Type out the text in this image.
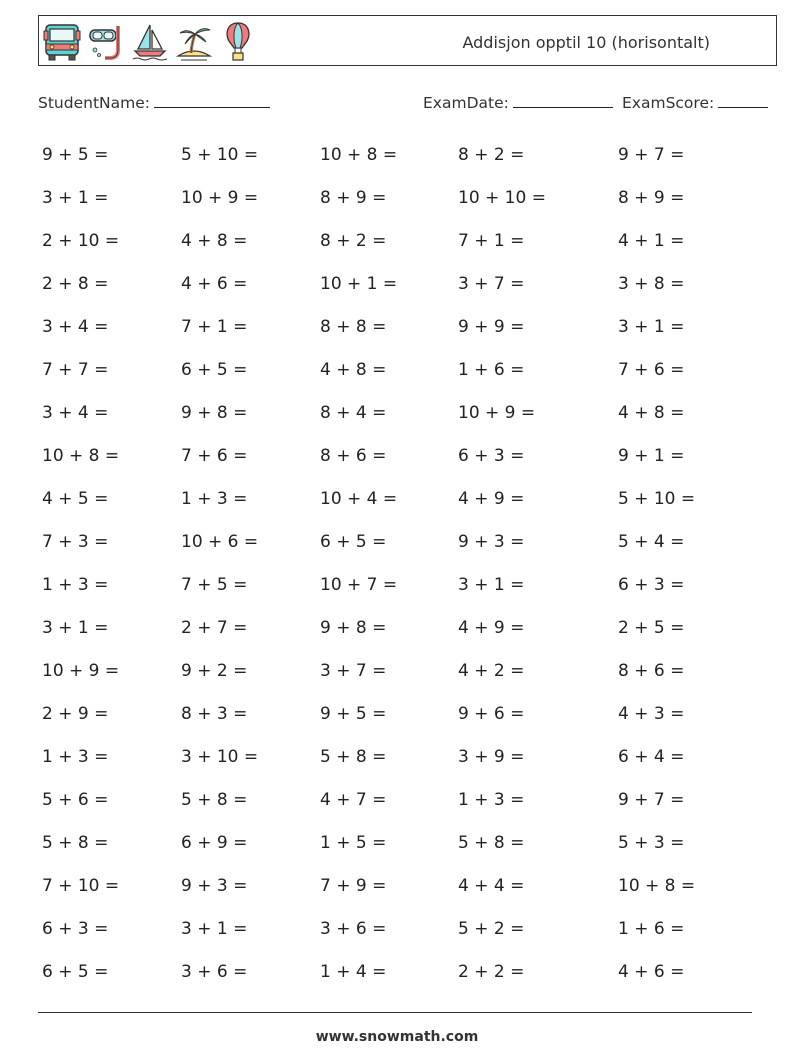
Addisjon opptil 10 (horisontalt)
StudentName:	ExamDate:	ExamScore:
9 + 5 =	5 + 10 =	10 + 8 =	8 + 2 =	9 + 7 =
3 + 1 =	10 + 9 =	8 + 9 =	10 + 10 =	8 + 9 =
2 + 10 =	4 + 8 =	8 + 2 =	7 + 1 =	4 + 1 =
2 + 8 =	4 + 6 =	10 + 1 =	3 + 7 =	3 + 8 =
3 + 4 =	7 + 1 =	8 + 8 =	9 + 9 =	3 + 1 =
7 + 7 =	6 + 5 =	4 + 8 =	1 + 6 =	7 + 6 =
3 + 4 =	9 + 8 =	8 + 4 =	10 + 9 =	4 + 8 =
10 + 8 =	7 + 6 =	8 + 6 =	6 + 3 =	9 + 1 =
4 + 5 =	1 + 3 =	10 + 4 =	4 + 9 =	5 + 10 =
7 + 3 =	10 + 6 =	6 + 5 =	9 + 3 =	5 + 4 =
1 + 3 =	7 + 5 =	10 + 7 =	3 + 1 =	6 + 3 =
3 + 1 =	2 + 7 =	9 + 8 =	4 + 9 =	2 + 5 =
10 + 9 =	9 + 2 =	3 + 7 =	4 + 2 =	8 + 6 =
2 + 9 =	8 + 3 =	9 + 5 =	9 + 6 =	4 + 3 =
1 + 3 =	3 + 10 =	5 + 8 =	3 + 9 =	6 + 4 =
5 + 6 =	5 + 8 =	4 + 7 =	1 + 3 =	9 + 7 =
5 + 8 =	6 + 9 =	1 + 5 =	5 + 8 =	5 + 3 =
7 + 10 =	9 + 3 =	7 + 9 =	4 + 4 =	10 + 8 =
6 + 3 =	3 + 1 =	3 + 6 =	5 + 2 =	1 + 6 =
6 + 5 =	3 + 6 =	1 + 4 =	2 + 2 =	4 + 6 =
www.snowmath.com
